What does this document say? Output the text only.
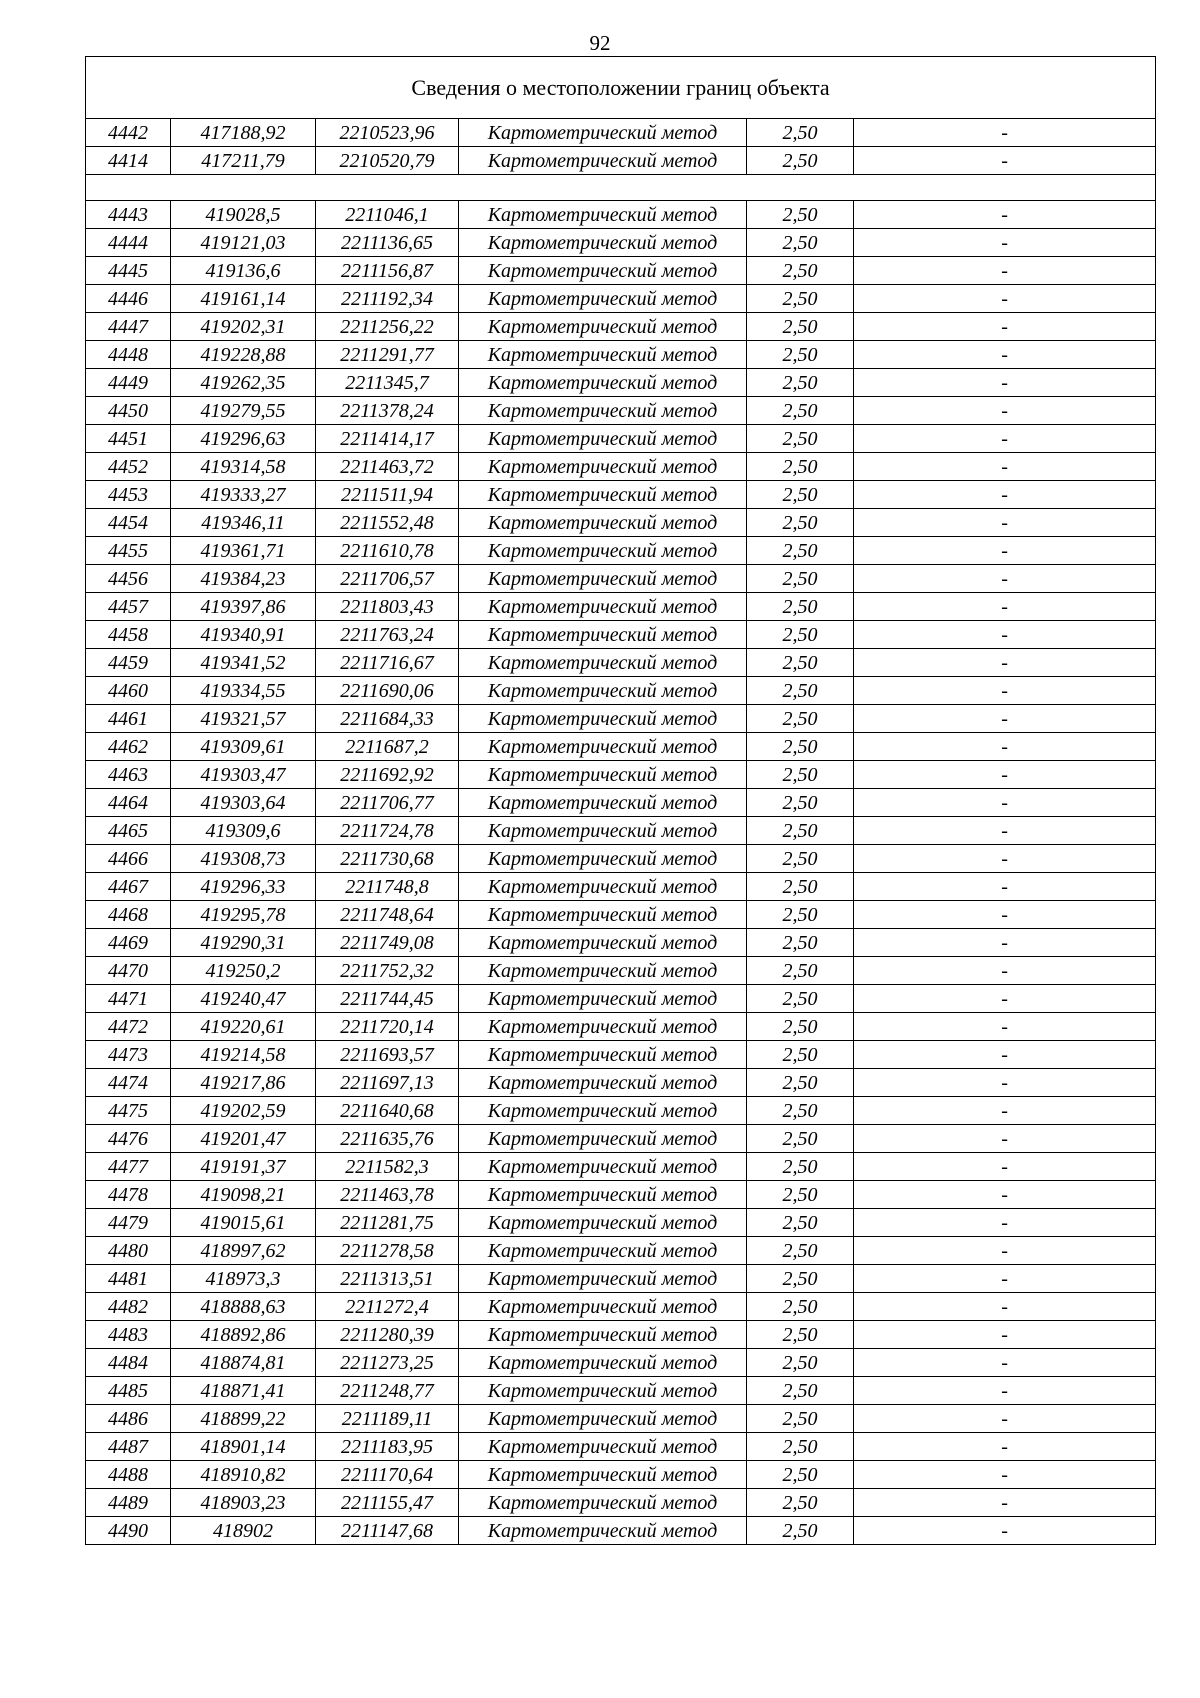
92
Сведения о местоположении границ объекта					
4442	417188,92	2210523,96	Картометрический метод	2,50	-
4414	417211,79	2210520,79	Картометрический метод	2,50	-

4443	419028,5	2211046,1	Картометрический метод	2,50	-
4444	419121,03	2211136,65	Картометрический метод	2,50	-
4445	419136,6	2211156,87	Картометрический метод	2,50	-
4446	419161,14	2211192,34	Картометрический метод	2,50	-
4447	419202,31	2211256,22	Картометрический метод	2,50	-
4448	419228,88	2211291,77	Картометрический метод	2,50	-
4449	419262,35	2211345,7	Картометрический метод	2,50	-
4450	419279,55	2211378,24	Картометрический метод	2,50	-
4451	419296,63	2211414,17	Картометрический метод	2,50	-
4452	419314,58	2211463,72	Картометрический метод	2,50	-
4453	419333,27	2211511,94	Картометрический метод	2,50	-
4454	419346,11	2211552,48	Картометрический метод	2,50	-
4455	419361,71	2211610,78	Картометрический метод	2,50	-
4456	419384,23	2211706,57	Картометрический метод	2,50	-
4457	419397,86	2211803,43	Картометрический метод	2,50	-
4458	419340,91	2211763,24	Картометрический метод	2,50	-
4459	419341,52	2211716,67	Картометрический метод	2,50	-
4460	419334,55	2211690,06	Картометрический метод	2,50	-
4461	419321,57	2211684,33	Картометрический метод	2,50	-
4462	419309,61	2211687,2	Картометрический метод	2,50	-
4463	419303,47	2211692,92	Картометрический метод	2,50	-
4464	419303,64	2211706,77	Картометрический метод	2,50	-
4465	419309,6	2211724,78	Картометрический метод	2,50	-
4466	419308,73	2211730,68	Картометрический метод	2,50	-
4467	419296,33	2211748,8	Картометрический метод	2,50	-
4468	419295,78	2211748,64	Картометрический метод	2,50	-
4469	419290,31	2211749,08	Картометрический метод	2,50	-
4470	419250,2	2211752,32	Картометрический метод	2,50	-
4471	419240,47	2211744,45	Картометрический метод	2,50	-
4472	419220,61	2211720,14	Картометрический метод	2,50	-
4473	419214,58	2211693,57	Картометрический метод	2,50	-
4474	419217,86	2211697,13	Картометрический метод	2,50	-
4475	419202,59	2211640,68	Картометрический метод	2,50	-
4476	419201,47	2211635,76	Картометрический метод	2,50	-
4477	419191,37	2211582,3	Картометрический метод	2,50	-
4478	419098,21	2211463,78	Картометрический метод	2,50	-
4479	419015,61	2211281,75	Картометрический метод	2,50	-
4480	418997,62	2211278,58	Картометрический метод	2,50	-
4481	418973,3	2211313,51	Картометрический метод	2,50	-
4482	418888,63	2211272,4	Картометрический метод	2,50	-
4483	418892,86	2211280,39	Картометрический метод	2,50	-
4484	418874,81	2211273,25	Картометрический метод	2,50	-
4485	418871,41	2211248,77	Картометрический метод	2,50	-
4486	418899,22	2211189,11	Картометрический метод	2,50	-
4487	418901,14	2211183,95	Картометрический метод	2,50	-
4488	418910,82	2211170,64	Картометрический метод	2,50	-
4489	418903,23	2211155,47	Картометрический метод	2,50	-
4490	418902	2211147,68	Картометрический метод	2,50	-
